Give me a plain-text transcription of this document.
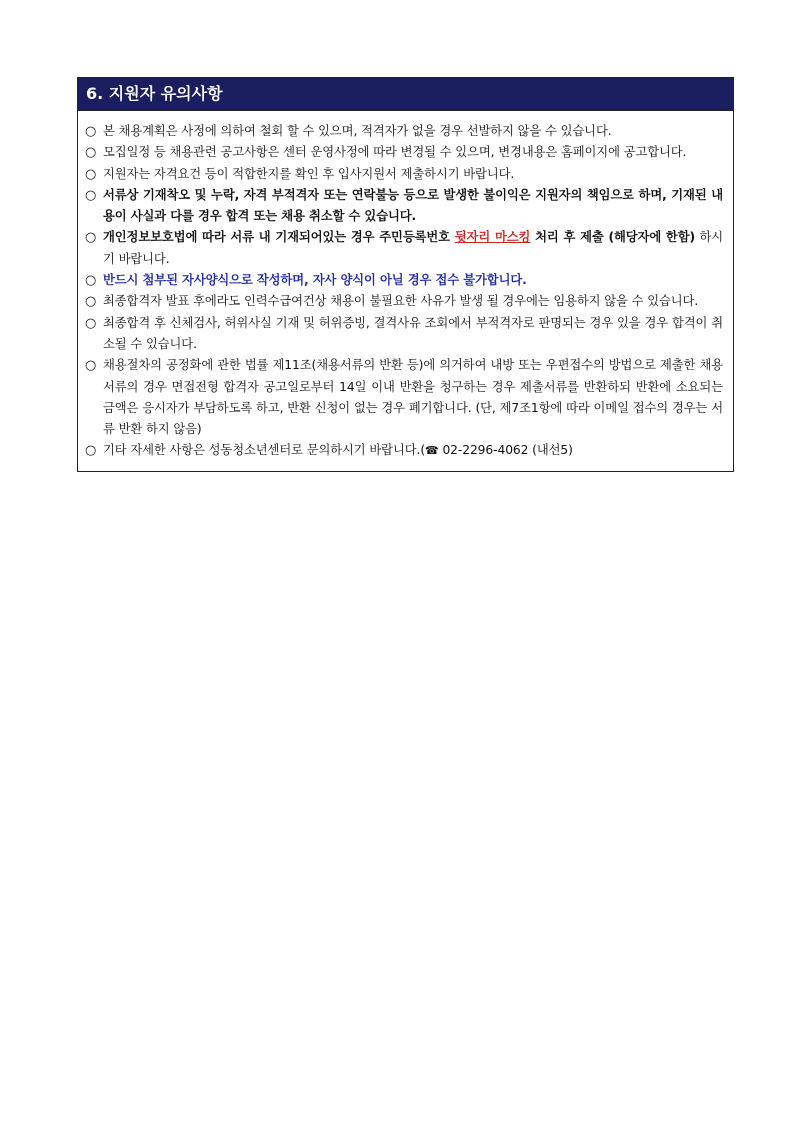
6. 지원자 유의사항
○ 본 채용계획은 사정에 의하여 철회 할 수 있으며, 적격자가 없을 경우 선발하지 않을 수 있습니다.
○ 모집일정 등 채용관련 공고사항은 센터 운영사정에 따라 변경될 수 있으며, 변경내용은 홈페이지에 공고합니다.
○ 지원자는 자격요건 등이 적합한지를 확인 후 입사지원서 제출하시기 바랍니다.
○ 서류상 기재착오 및 누락, 자격 부적격자 또는 연락불능 등으로 발생한 불이익은 지원자의 책임으로 하며, 기재된 내용이 사실과 다를 경우 합격 또는 채용 취소할 수 있습니다.
○ 개인정보보호법에 따라 서류 내 기재되어있는 경우 주민등록번호 뒷자리 마스킹 처리 후 제출 (해당자에 한함) 하시기 바랍니다.
○ 반드시 첨부된 자사양식으로 작성하며, 자사 양식이 아닐 경우 접수 불가합니다.
○ 최종합격자 발표 후에라도 인력수급여건상 채용이 불필요한 사유가 발생 될 경우에는 임용하지 않을 수 있습니다.
○ 최종합격 후 신체검사, 허위사실 기재 및 허위증빙, 결격사유 조회에서 부적격자로 판명되는 경우 있을 경우 합격이 취소될 수 있습니다.
○ 채용절차의 공정화에 관한 법률 제11조(채용서류의 반환 등)에 의거하여 내방 또는 우편접수의 방법으로 제출한 채용서류의 경우 면접전형 합격자 공고일로부터 14일 이내 반환을 청구하는 경우 제출서류를 반환하되 반환에 소요되는 금액은 응시자가 부담하도록 하고, 반환 신청이 없는 경우 폐기합니다. (단, 제7조1항에 따라 이메일 접수의 경우는 서류 반환 하지 않음)
○ 기타 자세한 사항은 성동청소년센터로 문의하시기 바랍니다.(☎ 02-2296-4062 (내선5)
